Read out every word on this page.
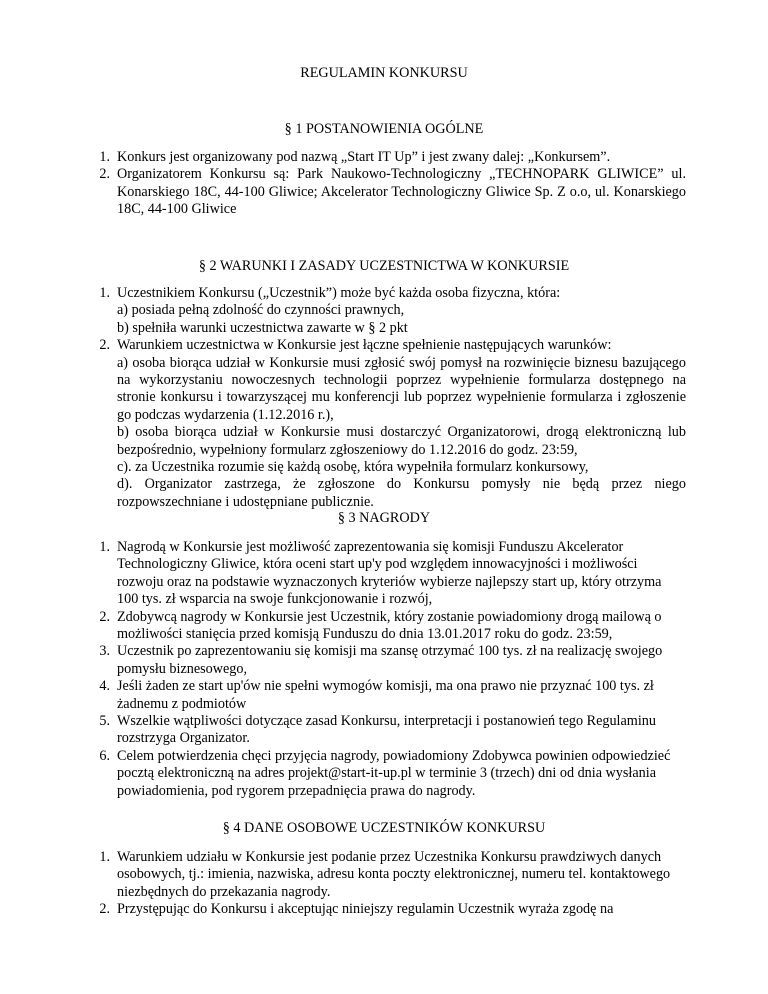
REGULAMIN KONKURSU
§ 1 POSTANOWIENIA OGÓLNE
1. Konkurs jest organizowany pod nazwą „Start IT Up” i jest zwany dalej: „Konkursem”.
2. Organizatorem Konkursu są: Park Naukowo-Technologiczny „TECHNOPARK GLIWICE” ul. Konarskiego 18C, 44-100 Gliwice; Akcelerator Technologiczny Gliwice Sp. Z o.o, ul. Konarskiego 18C, 44-100 Gliwice
§ 2 WARUNKI I ZASADY UCZESTNICTWA W KONKURSIE
1. Uczestnikiem Konkursu („Uczestnik”) może być każda osoba fizyczna, która:
a) posiada pełną zdolność do czynności prawnych,
b) spełniła warunki uczestnictwa zawarte w § 2 pkt
2. Warunkiem uczestnictwa w Konkursie jest łączne spełnienie następujących warunków:
a) osoba biorąca udział w Konkursie musi zgłosić swój pomysł na rozwinięcie biznesu bazującego na wykorzystaniu nowoczesnych technologii poprzez wypełnienie formularza dostępnego na stronie konkursu i towarzyszącej mu konferencji lub poprzez wypełnienie formularza i zgłoszenie go podczas wydarzenia (1.12.2016 r.),
b) osoba biorąca udział w Konkursie musi dostarczyć Organizatorowi, drogą elektroniczną lub bezpośrednio, wypełniony formularz zgłoszeniowy do 1.12.2016 do godz. 23:59,
c). za Uczestnika rozumie się każdą osobę, która wypełniła formularz konkursowy,
d). Organizator zastrzega, że zgłoszone do Konkursu pomysły nie będą przez niego rozpowszechniane i udostępniane publicznie.
§ 3 NAGRODY
1. Nagrodą w Konkursie jest możliwość zaprezentowania się komisji Funduszu Akcelerator Technologiczny Gliwice, która oceni start up'y pod względem innowacyjności i możliwości rozwoju oraz na podstawie wyznaczonych kryteriów wybierze najlepszy start up, który otrzyma 100 tys. zł wsparcia na swoje funkcjonowanie i rozwój,
2. Zdobywcą nagrody w Konkursie jest Uczestnik, który zostanie powiadomiony drogą mailową o możliwości stanięcia przed komisją Funduszu do dnia 13.01.2017 roku do godz. 23:59,
3. Uczestnik po zaprezentowaniu się komisji ma szansę otrzymać 100 tys. zł na realizację swojego pomysłu biznesowego,
4. Jeśli żaden ze start up'ów nie spełni wymogów komisji, ma ona prawo nie przyznać 100 tys. zł żadnemu z podmiotów
5. Wszelkie wątpliwości dotyczące zasad Konkursu, interpretacji i postanowień tego Regulaminu rozstrzyga Organizator.
6. Celem potwierdzenia chęci przyjęcia nagrody, powiadomiony Zdobywca powinien odpowiedzieć pocztą elektroniczną na adres projekt@start-it-up.pl w terminie 3 (trzech) dni od dnia wysłania powiadomienia, pod rygorem przepadnięcia prawa do nagrody.
§ 4 DANE OSOBOWE UCZESTNIKÓW KONKURSU
1. Warunkiem udziału w Konkursie jest podanie przez Uczestnika Konkursu prawdziwych danych osobowych, tj.: imienia, nazwiska, adresu konta poczty elektronicznej, numeru tel. kontaktowego niezbędnych do przekazania nagrody.
2. Przystępując do Konkursu i akceptując niniejszy regulamin Uczestnik wyraża zgodę na
